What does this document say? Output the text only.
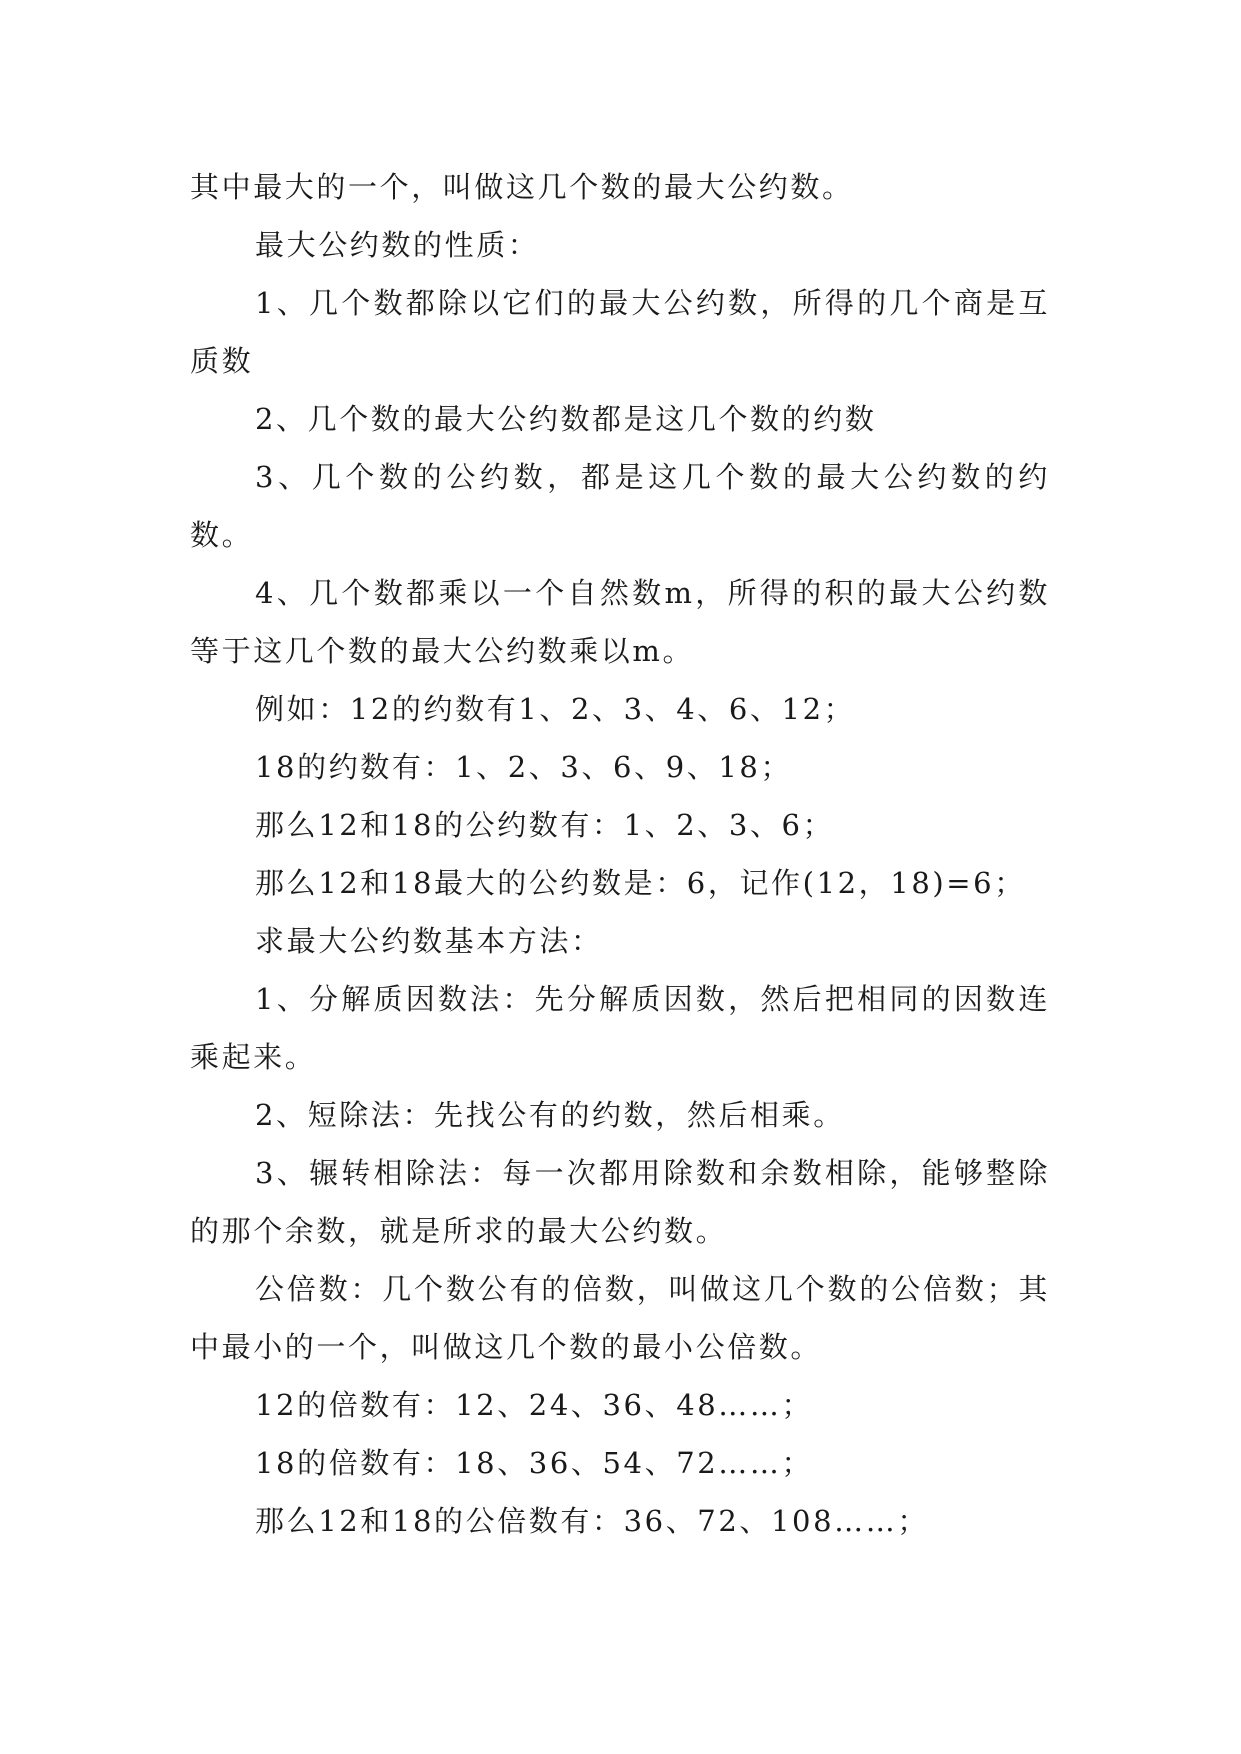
其中最大的一个，叫做这几个数的最大公约数。

最大公约数的性质：

1、几个数都除以它们的最大公约数，所得的几个商是互质数

2、几个数的最大公约数都是这几个数的约数

3、几个数的公约数，都是这几个数的最大公约数的约数。

4、几个数都乘以一个自然数m，所得的积的最大公约数等于这几个数的最大公约数乘以m。

例如：12的约数有1、2、3、4、6、12；

18的约数有：1、2、3、6、9、18；

那么12和18的公约数有：1、2、3、6；

那么12和18最大的公约数是：6，记作(12，18)=6；

求最大公约数基本方法：

1、分解质因数法：先分解质因数，然后把相同的因数连乘起来。

2、短除法：先找公有的约数，然后相乘。

3、辗转相除法：每一次都用除数和余数相除，能够整除的那个余数，就是所求的最大公约数。

公倍数：几个数公有的倍数，叫做这几个数的公倍数；其中最小的一个，叫做这几个数的最小公倍数。

12的倍数有：12、24、36、48……；

18的倍数有：18、36、54、72……；

那么12和18的公倍数有：36、72、108……；
